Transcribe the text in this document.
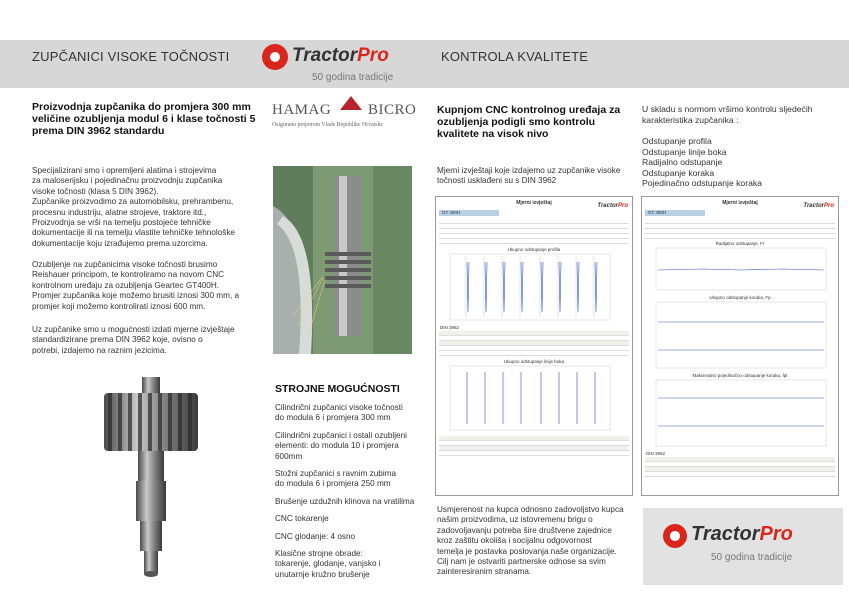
ZUPČANICI VISOKE TOČNOSTI	KONTROLA KVALITETE
TractorPro
50 godina tradicije
Proizvodnja zupčanika do promjera 300 mm veličine ozubljenja modul 6 i klase točnosti 5 prema DIN 3962 standardu
Specijalizirani smo i opremljeni alatima i strojevima
za maloserijsku i pojedinačnu proizvodnju zupčanika
visoke točnosti (klasa 5 DIN 3962).
Zupčanike proizvodimo za automobilsku, prehrambenu,
procesnu industriju, alatne strojeve, traktore itd.,
Proizvodnja se vrši na temelju postojeće tehničke
dokumentacije ili na temelju vlastite tehničke tehnološke
dokumentacije koju izrađujemo prema uzorcima.
Ozubljenje na zupčanicima visoke točnosti brusimo
Reishauer principom, te kontroliramo na novom CNC
kontrolnom uređaju za ozubljenja Geartec GT400H.
Promjer zupčanika koje možemo brusiti iznosi 300 mm, a
promjer koji možemo kontrolirati iznosi 600 mm.
Uz zupčanike smo u mogućnosti izdati mjerne izvještaje
standardizirane prema DIN 3962 koje, ovisno o
potrebi, izdajemo na raznim jezicima.
HAMAG BICRO
Osigurano potporom Vlade Republike Hrvatske
STROJNE MOGUĆNOSTI
Cilindrični zupčanici visoke točnosti
do modula 6 i promjera 300 mm
Cilindrični zupčanici i ostali ozubljeni
elementi: do modula 10 i promjera
600mm
Stožni zupčanici s ravnim zubima
do modula 6 i promjera 250 mm
Brušenje uzdužnih klinova na vratilima
CNC tokarenje
CNC glodanje: 4 osno
Klasične strojne obrade:
tokarenje, glodanje, vanjsko i
unutarnje kružno brušenje
Kupnjom CNC kontrolnog uređaja za ozubljenja podigli smo kontrolu kvalitete na visok nivo
Mjerni izvještaji koje izdajemo uz zupčanike visoke
točnosti usklađeni su s DIN 3962
Mjerni izvještaj	TractorPro
GT 400H
Ukupno odstupanje profila
DIN 3962
Ukupno odstupanje linije boka
Usmjerenost na kupca odnosno zadovoljstvo kupca
našim proizvodima, uz istovremenu brigu o
zadovoljavanju potreba šire društvene zajednice
kroz zaštitu okoliša i socijalnu odgovornost
temelja je postavka poslovanja naše organizacije.
Cilj nam je ostvariti partnerske odnose sa svim
zainteresiranim stranama.
U skladu s normom vršimo kontrolu sljedećih
karakteristika zupčanika :
Odstupanje profila
Odstupanje linije boka
Radijalno odstupanje
Odstupanje koraka
Pojedinačno odstupanje koraka
Mjerni izvještaj	TractorPro
GT 400H
Radijalno odstupanje, Fr
Ukupno odstupanje koraka, Fp
Maksimalno pojedinačno odstupanje koraka, fpt
DIN 3962
TractorPro
50 godina tradicije
